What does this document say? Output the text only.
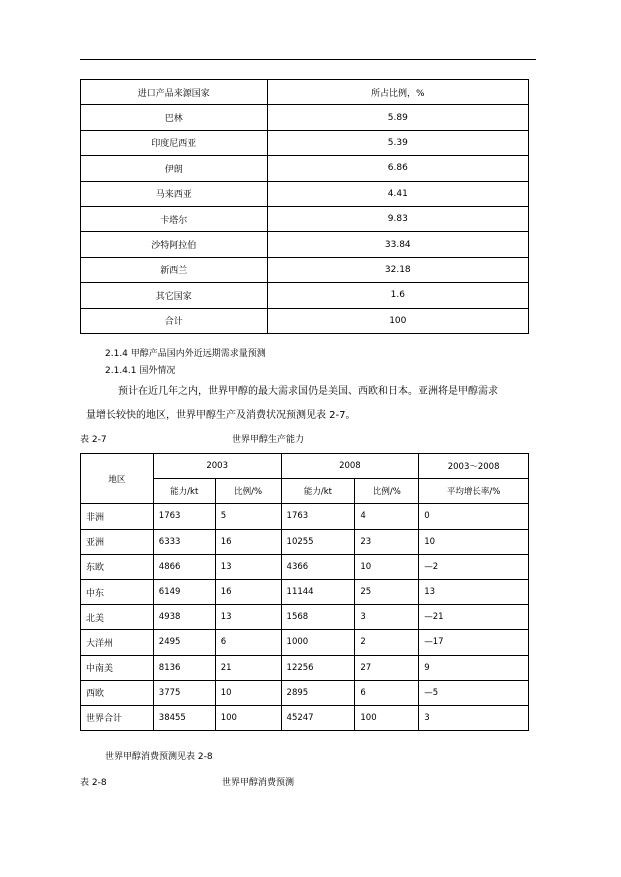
进口产品来源国家	所占比例，%
巴林	5.89
印度尼西亚	5.39
伊朗	6.86
马来西亚	4.41
卡塔尔	9.83
沙特阿拉伯	33.84
新西兰	32.18
其它国家	1.6
合计	100
2.1.4 甲醇产品国内外近远期需求量预测
2.1.4.1 国外情况
预计在近几年之内，世界甲醇的最大需求国仍是美国、西欧和日本。亚洲将是甲醇需求
量增长较快的地区，世界甲醇生产及消费状况预测见表 2-7。
表 2-7	世界甲醇生产能力
地区	2003		2008		2003～2008
	能力/kt	比例/%	能力/kt	比例/%	平均增长率/%
非洲	1763	5	1763	4	0
亚洲	6333	16	10255	23	10
东欧	4866	13	4366	10	—2
中东	6149	16	11144	25	13
北美	4938	13	1568	3	—21
大洋州	2495	6	1000	2	—17
中南美	8136	21	12256	27	9
西欧	3775	10	2895	6	—5
世界合计	38455	100	45247	100	3
世界甲醇消费预测见表 2-8
表 2-8	世界甲醇消费预测
